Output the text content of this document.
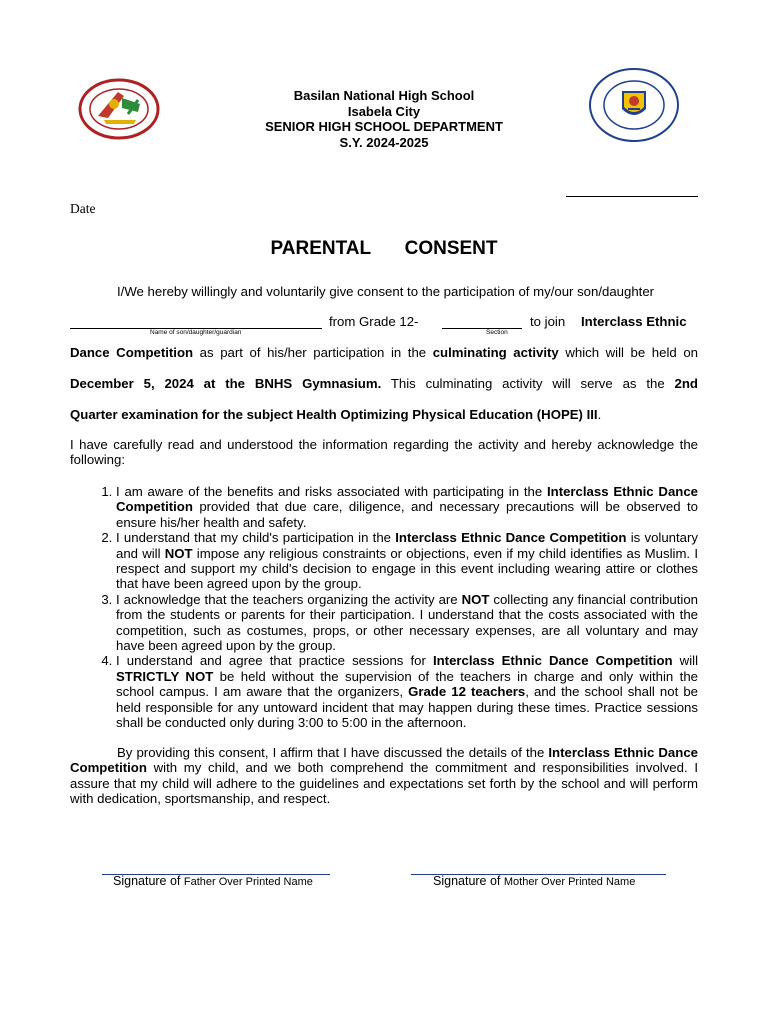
Basilan National High School
Isabela City
SENIOR HIGH SCHOOL DEPARTMENT
S.Y. 2024-2025
Date
PARENTAL   CONSENT
I/We hereby willingly and voluntarily give consent to the participation of my/our son/daughter
Name of son/daughter/guardian
from Grade 12-
Section
to join Interclass Ethnic
Dance Competition as part of his/her participation in the culminating activity which will be held on
December 5, 2024 at the BNHS Gymnasium. This culminating activity will serve as the 2nd
Quarter examination for the subject Health Optimizing Physical Education (HOPE) III.
I have carefully read and understood the information regarding the activity and hereby acknowledge the following:
1. I am aware of the benefits and risks associated with participating in the Interclass Ethnic Dance Competition provided that due care, diligence, and necessary precautions will be observed to ensure his/her health and safety.
2. I understand that my child's participation in the Interclass Ethnic Dance Competition is voluntary and will NOT impose any religious constraints or objections, even if my child identifies as Muslim. I respect and support my child's decision to engage in this event including wearing attire or clothes that have been agreed upon by the group.
3. I acknowledge that the teachers organizing the activity are NOT collecting any financial contribution from the students or parents for their participation. I understand that the costs associated with the competition, such as costumes, props, or other necessary expenses, are all voluntary and may have been agreed upon by the group.
4. I understand and agree that practice sessions for Interclass Ethnic Dance Competition will STRICTLY NOT be held without the supervision of the teachers in charge and only within the school campus. I am aware that the organizers, Grade 12 teachers, and the school shall not be held responsible for any untoward incident that may happen during these times. Practice sessions shall be conducted only during 3:00 to 5:00 in the afternoon.
By providing this consent, I affirm that I have discussed the details of the Interclass Ethnic Dance Competition with my child, and we both comprehend the commitment and responsibilities involved. I assure that my child will adhere to the guidelines and expectations set forth by the school and will perform with dedication, sportsmanship, and respect.
Signature of Father Over Printed Name	Signature of Mother Over Printed Name
